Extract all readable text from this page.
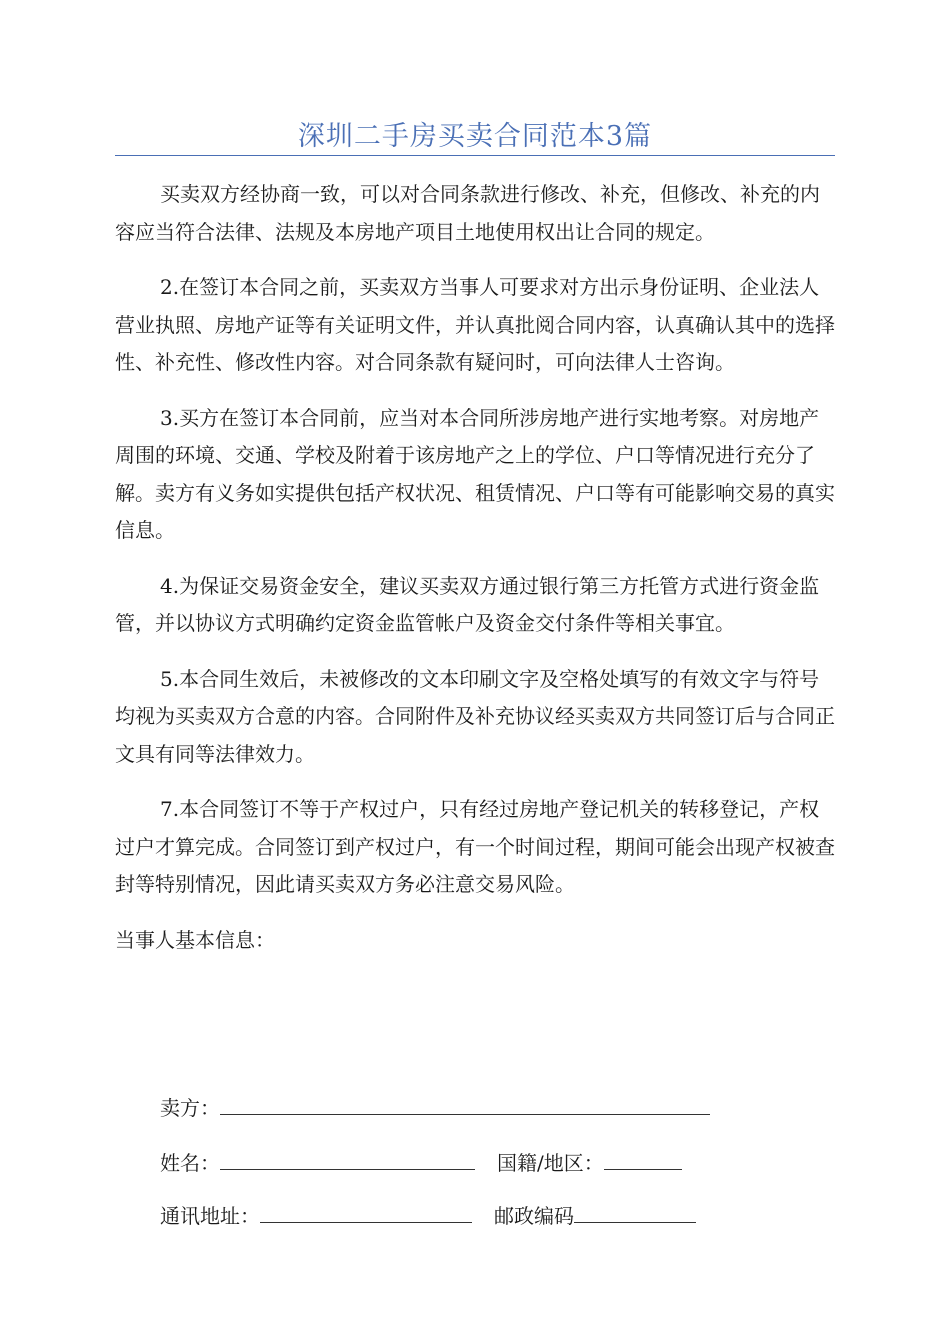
深圳二手房买卖合同范本3篇

买卖双方经协商一致，可以对合同条款进行修改、补充，但修改、补充的内容应当符合法律、法规及本房地产项目土地使用权出让合同的规定。

2.在签订本合同之前，买卖双方当事人可要求对方出示身份证明、企业法人营业执照、房地产证等有关证明文件，并认真批阅合同内容，认真确认其中的选择性、补充性、修改性内容。对合同条款有疑问时，可向法律人士咨询。

3.买方在签订本合同前，应当对本合同所涉房地产进行实地考察。对房地产周围的环境、交通、学校及附着于该房地产之上的学位、户口等情况进行充分了解。卖方有义务如实提供包括产权状况、租赁情况、户口等有可能影响交易的真实信息。

4.为保证交易资金安全，建议买卖双方通过银行第三方托管方式进行资金监管，并以协议方式明确约定资金监管帐户及资金交付条件等相关事宜。

5.本合同生效后，未被修改的文本印刷文字及空格处填写的有效文字与符号均视为买卖双方合意的内容。合同附件及补充协议经买卖双方共同签订后与合同正文具有同等法律效力。

7.本合同签订不等于产权过户，只有经过房地产登记机关的转移登记，产权过户才算完成。合同签订到产权过户，有一个时间过程，期间可能会出现产权被查封等特别情况，因此请买卖双方务必注意交易风险。

当事人基本信息：

卖方：
姓名：	国籍/地区：
通讯地址：	邮政编码
